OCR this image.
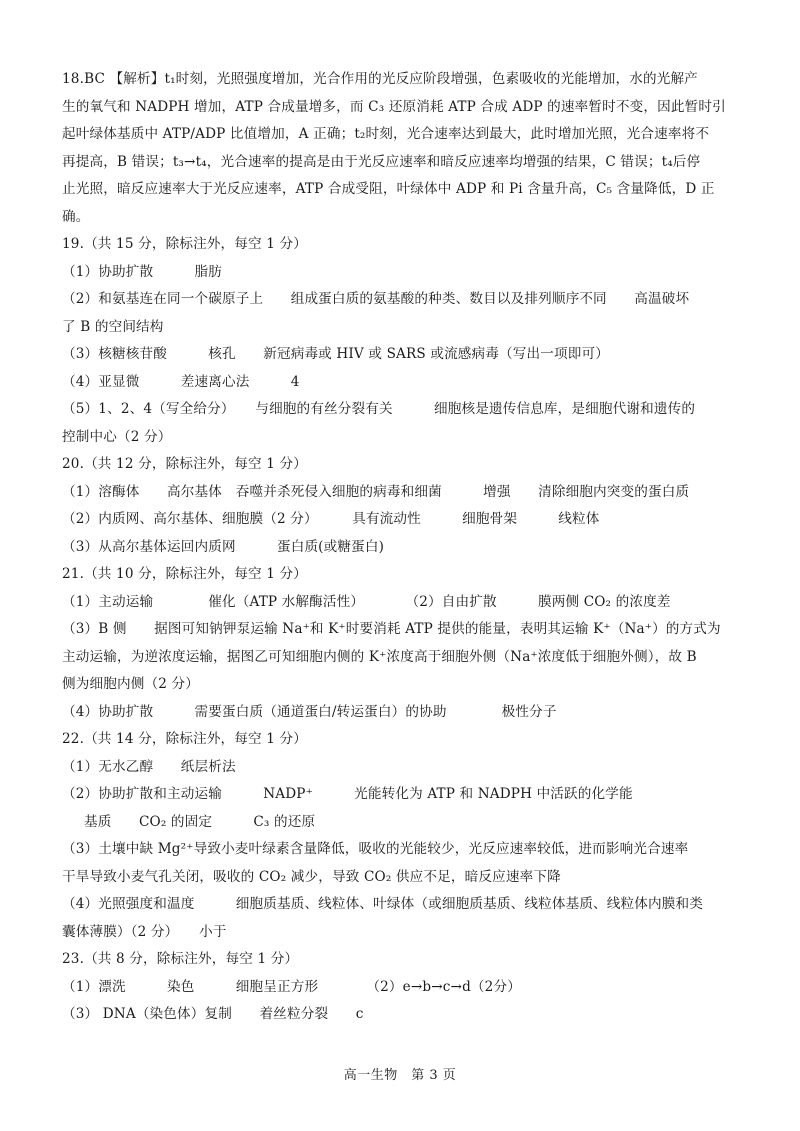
18.BC 【解析】t₁时刻，光照强度增加，光合作用的光反应阶段增强，色素吸收的光能增加，水的光解产
生的氧气和 NADPH 增加，ATP 合成量增多，而 C₃ 还原消耗 ATP 合成 ADP 的速率暂时不变，因此暂时引
起叶绿体基质中 ATP/ADP 比值增加，A 正确；t₂时刻，光合速率达到最大，此时增加光照，光合速率将不
再提高，B 错误；t₃→t₄，光合速率的提高是由于光反应速率和暗反应速率均增强的结果，C 错误；t₄后停
止光照，暗反应速率大于光反应速率，ATP 合成受阻，叶绿体中 ADP 和 Pi 含量升高，C₅ 含量降低，D 正
确。
19.（共 15 分，除标注外，每空 1 分）
（1）协助扩散　　　脂肪
（2）和氨基连在同一个碳原子上　　组成蛋白质的氨基酸的种类、数目以及排列顺序不同　　高温破坏
了 B 的空间结构
（3）核糖核苷酸　　　核孔　　新冠病毒或 HIV 或 SARS 或流感病毒（写出一项即可）
（4）亚显微　　　差速离心法　　　4
（5）1、2、4（写全给分）　　与细胞的有丝分裂有关　　　细胞核是遗传信息库，是细胞代谢和遗传的
控制中心（2 分）
20.（共 12 分，除标注外，每空 1 分）
（1）溶酶体　　高尔基体　吞噬并杀死侵入细胞的病毒和细菌　　　增强　　清除细胞内突变的蛋白质
（2）内质网、高尔基体、细胞膜（2 分）　　　具有流动性　　　细胞骨架　　　线粒体
（3）从高尔基体运回内质网　　　蛋白质(或糖蛋白)
21.（共 10 分，除标注外，每空 1 分）
（1）主动运输　　　　催化（ATP 水解酶活性）　　　　（2）自由扩散　　　膜两侧 CO₂ 的浓度差
（3）B 侧　　据图可知钠钾泵运输 Na⁺和 K⁺时要消耗 ATP 提供的能量，表明其运输 K⁺（Na⁺）的方式为
主动运输，为逆浓度运输，据图乙可知细胞内侧的 K⁺浓度高于细胞外侧（Na⁺浓度低于细胞外侧），故 B
侧为细胞内侧（2 分）
（4）协助扩散　　　需要蛋白质（通道蛋白/转运蛋白）的协助　　　　极性分子
22.（共 14 分，除标注外，每空 1 分）
（1）无水乙醇　　纸层析法
（2）协助扩散和主动运输　　　NADP⁺　　　光能转化为 ATP 和 NADPH 中活跃的化学能
基质　　CO₂ 的固定　　　C₃ 的还原
（3）土壤中缺 Mg²⁺导致小麦叶绿素含量降低，吸收的光能较少，光反应速率较低，进而影响光合速率
干旱导致小麦气孔关闭，吸收的 CO₂ 减少，导致 CO₂ 供应不足，暗反应速率下降
（4）光照强度和温度　　　细胞质基质、线粒体、叶绿体（或细胞质基质、线粒体基质、线粒体内膜和类
囊体薄膜）（2 分）　　小于
23.（共 8 分，除标注外，每空 1 分）
（1）漂洗　　　染色　　　细胞呈正方形　　　　（2）e→b→c→d（2分）
（3） DNA（染色体）复制　　着丝粒分裂　　c
高一生物　第 3 页
